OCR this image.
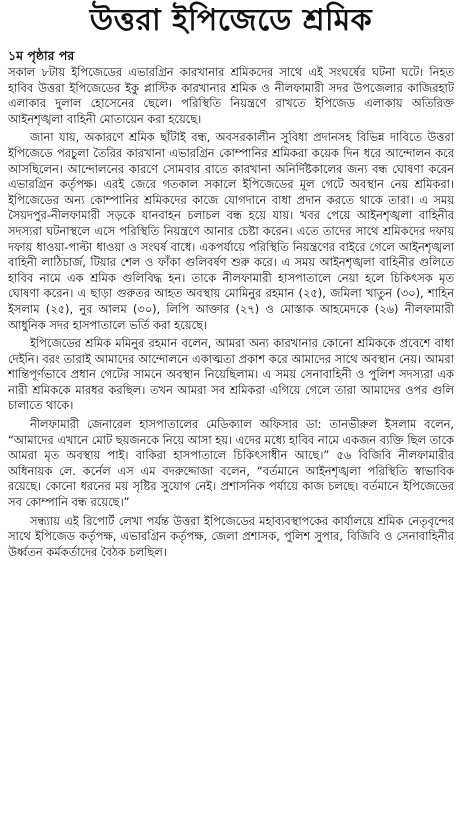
উত্তরা ইপিজেডে শ্রমিক
১ম পৃষ্ঠার পর

সকাল ৮টায় ইপিজেডের এভারগ্রিন কারখানার শ্রমিকদের সাথে এই সংঘর্ষের ঘটনা ঘটে। নিহত হাবিব উত্তরা ইপিজেডের ইকু প্লাস্টিক কারখানার শ্রমিক ও নীলফামারী সদর উপজেলার কাজিরহাট এলাকার দুলাল হোসেনের ছেলে। পরিস্থিতি নিয়ন্ত্রণে রাখতে ইপিজেড এলাকায় অতিরিক্ত আইনশৃঙ্খলা বাহিনী মোতায়েন করা হয়েছে।

জানা যায়, অকারণে শ্রমিক ছাঁটাই বন্ধ, অবসরকালীন সুবিধা প্রদানসহ বিভিন্ন দাবিতে উত্তরা ইপিজেডে পরচুলা তৈরির কারখানা এভারগ্রিন কোম্পানির শ্রমিকরা কয়েক দিন ধরে আন্দোলন করে আসছিলেন। আন্দোলনের কারণে সোমবার রাতে কারখানা অনির্দিষ্টকালের জন্য বন্ধ ঘোষণা করেন এভারগ্রিন কর্তৃপক্ষ। এরই জেরে গতকাল সকালে ইপিজেডের মূল গেটে অবস্থান নেয় শ্রমিকরা। ইপিজেডের অন্য কোম্পানির শ্রমিকদের কাজে যোগদানে বাধা প্রদান করতে থাকে তারা। এ সময় সৈয়দপুর-নীলফামারী সড়কে যানবাহন চলাচল বন্ধ হয়ে যায়। খবর পেয়ে আইনশৃঙ্খলা বাহিনীর সদস্যরা ঘটনাস্থলে এসে পরিস্থিতি নিয়ন্ত্রণে আনার চেষ্টা করেন। এতে তাদের সাথে শ্রমিকদের দফায় দফায় ধাওয়া-পাল্টা ধাওয়া ও সংঘর্ষ বাধে। একপর্যায়ে পরিস্থিতি নিয়ন্ত্রণের বাইরে গেলে আইনশৃঙ্খলা বাহিনী লাঠিচার্জ, টিয়ার শেল ও ফাঁকা গুলিবর্ষণ শুরু করে। এ সময় আইনশৃঙ্খলা বাহিনীর গুলিতে হাবিব নামে এক শ্রমিক গুলিবিদ্ধ হন। তাকে নীলফামারী হাসপাতালে নেয়া হলে চিকিৎসক মৃত ঘোষণা করেন। এ ছাড়া গুরুতর আহত অবস্থায় মোমিনুর রহমান (২৫), জমিলা খাতুন (৩০), শাহিন ইসলাম (২৫), নুর আলম (৩০), লিপি আক্তার (২৭) ও মোস্তাক আহমেদকে (২৬) নীলফামারী আধুনিক সদর হাসপাতালে ভর্তি করা হয়েছে।

ইপিজেডের শ্রমিক মমিনুর রহমান বলেন, আমরা অন্য কারখানার কোনো শ্রমিককে প্রবেশে বাধা দেইনি। বরং তারাই আমাদের আন্দোলনে একাত্মতা প্রকাশ করে আমাদের সাথে অবস্থান নেয়। আমরা শান্তিপূর্ণভাবে প্রধান গেটের সামনে অবস্থান নিয়েছিলাম। এ সময় সেনাবাহিনী ও পুলিশ সদস্যরা এক নারী শ্রমিককে মারধর করছিল। তখন আমরা সব শ্রমিকরা এগিয়ে গেলে তারা আমাদের ওপর গুলি চালাতে থাকে।

নীলফামারী জেনারেল হাসপাতালের মেডিক্যাল অফিসার ডা: তানভীরুল ইসলাম বলেন, “আমাদের এখানে মোট ছয়জনকে নিয়ে আসা হয়। এদের মধ্যে হাবিব নামে একজন ব্যক্তি ছিল তাকে আমরা মৃত অবস্থায় পাই। বাকিরা হাসপাতালে চিকিৎসাধীন আছে।” ৫৬ বিজিবি নীলফামারীর অধিনায়ক লে. কর্নেল এস এম বদরুদ্দোজা বলেন, “বর্তমানে আইনশৃঙ্খলা পরিস্থিতি স্বাভাবিক রয়েছে। কোনো ধরনের ময় সৃষ্টির সুযোগ নেই। প্রশাসনিক পর্যায়ে কাজ চলছে। বর্তমানে ইপিজেডের সব কোম্পানি বন্ধ রয়েছে।”

সন্ধ্যায় এই রিপোর্ট লেখা পর্যন্ত উত্তরা ইপিজেডের মহাব্যবস্থাপকের কার্যালয়ে শ্রমিক নেতৃবৃন্দের সাথে ইপিজেড কর্তৃপক্ষ, এভারগ্রিন কর্তৃপক্ষ, জেলা প্রশাসক, পুলিশ সুপার, বিজিবি ও সেনাবাহিনীর উর্ধ্বতন কর্মকর্তাদের বৈঠক চলছিল।
